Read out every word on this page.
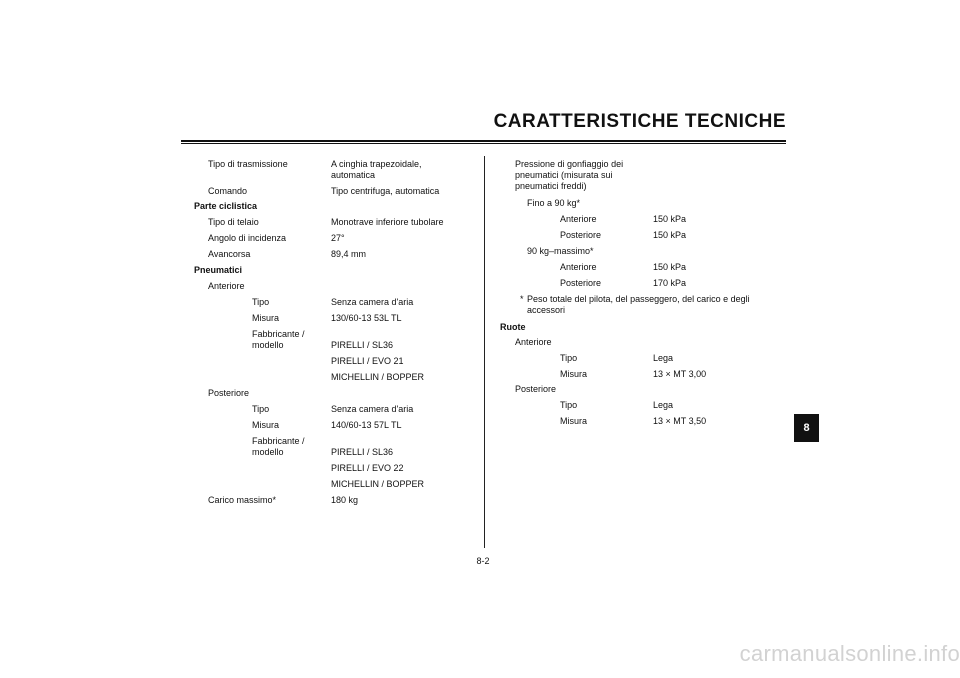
CARATTERISTICHE TECNICHE
Tipo di trasmissione	A cinghia trapezoidale,
automatica
Comando	Tipo centrifuga, automatica
Parte ciclistica
Tipo di telaio	Monotrave inferiore tubolare
Angolo di incidenza	27°
Avancorsa	89,4 mm
Pneumatici
Anteriore
Tipo	Senza camera d'aria
Misura	130/60-13 53L TL
Fabbricante /
modello	PIRELLI / SL36
PIRELLI / EVO 21
MICHELLIN / BOPPER
Posteriore
Tipo	Senza camera d'aria
Misura	140/60-13 57L TL
Fabbricante /
modello	PIRELLI / SL36
PIRELLI / EVO 22
MICHELLIN / BOPPER
Carico massimo*	180 kg
Pressione di gonfiaggio dei
pneumatici (misurata sui
pneumatici freddi)
Fino a 90 kg*
Anteriore	150 kPa
Posteriore	150 kPa
90 kg–massimo*
Anteriore	150 kPa
Posteriore	170 kPa
* Peso totale del pilota, del passeggero, del carico e degli
accessori
Ruote
Anteriore
Tipo	Lega
Misura	13 × MT 3,00
Posteriore
Tipo	Lega
Misura	13 × MT 3,50
8
8-2
carmanualsonline.info
